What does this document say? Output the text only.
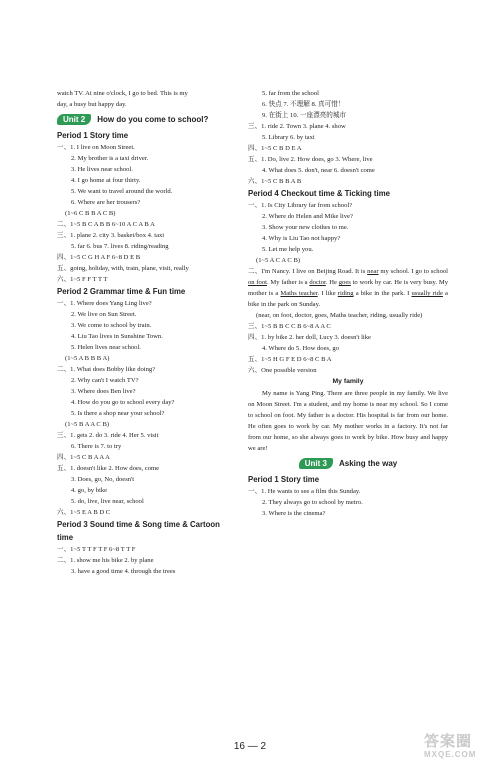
watch TV. At nine o'clock, I go to bed. This is my
day, a busy but happy day.
Unit 2	How do you come to school?
Period 1 Story time
一、1. I live on Moon Street.
2. My brother is a taxi driver.
3. He lives near school.
4. I go home at four thirty.
5. We want to travel around the world.
6. Where are her trousers?
(1~6 C B B A C B)
二、1~5 B C A B B 6~10 A C A B A
三、1. plane 2. city 3. basket/box 4. taxi
5. far 6. bus 7. lives 8. riding/reading
四、1~5 C G H A F 6~8 D E B
五、going, holiday, with, train, plane, visit, really
六、1~5 F F T T T
Period 2 Grammar time & Fun time
一、1. Where does Yang Ling live?
2. We live on Sun Street.
3. We come to school by train.
4. Liu Tao lives in Sunshine Town.
5. Helen lives near school.
(1~5 A B B B A)
二、1. What does Bobby like doing?
2. Why can't I watch TV?
3. Where does Ben live?
4. How do you go to school every day?
5. Is there a shop near your school?
(1~5 B A A C B)
三、1. gets 2. do 3. ride 4. Her 5. visit
6. There is 7. to try
四、1~5 C B A A A
五、1. doesn't like 2. How does, come
3. Does, go, No, doesn't
4. go, by bike
5. do, live, live near, school
六、1~5 E A B D C
Period 3 Sound time & Song time & Cartoon
time
一、1~5 T T F T F 6~8 T T F
二、1. show me his bike 2. by plane
3. have a good time 4. through the trees
5. far from the school
6. 快点 7. 不理解 8. 真可惜！
9. 在街上 10. 一座漂亮的城市
三、1. ride 2. Town 3. plane 4. show
5. Library 6. by taxi
四、1~5 C B D E A
五、1. Do, live 2. How does, go 3. Where, live
4. What does 5. don't, near 6. doesn't come
六、1~5 C B B A B
Period 4 Checkout time & Ticking time
一、1. Is City Library far from school?
2. Where do Helen and Mike live?
3. Show your new clothes to me.
4. Why is Liu Tao not happy?
5. Let me help you.
(1~5 A C A C B)
二、I'm Nancy. I live on Beijing Road. It is near my school. I go to school on foot. My father is a doctor. He goes to work by car. He is very busy. My mother is a Maths teacher. I like riding a bike in the park. I usually ride a bike in the park on Sunday.
(near, on foot, doctor, goes, Maths teacher, riding, usually ride)
三、1~5 B B C C B 6~8 A A C
四、1. by bike 2. her doll, Lucy 3. doesn't like
4. Where do 5. How does, go
五、1~5 H G F E D 6~8 C B A
六、One possible version
My family
My name is Yang Ping. There are three people in my family. We live on Moon Street. I'm a student, and my home is near my school. So I come to school on foot. My father is a doctor. His hospital is far from our home. He often goes to work by car. My mother works in a factory. It's not far from our home, so she always goes to work by bike. How busy and happy we are!
Unit 3	Asking the way
Period 1 Story time
一、1. He wants to see a film this Sunday.
2. They always go to school by metro.
3. Where is the cinema?
16 — 2	答案圈
MXQE.COM
